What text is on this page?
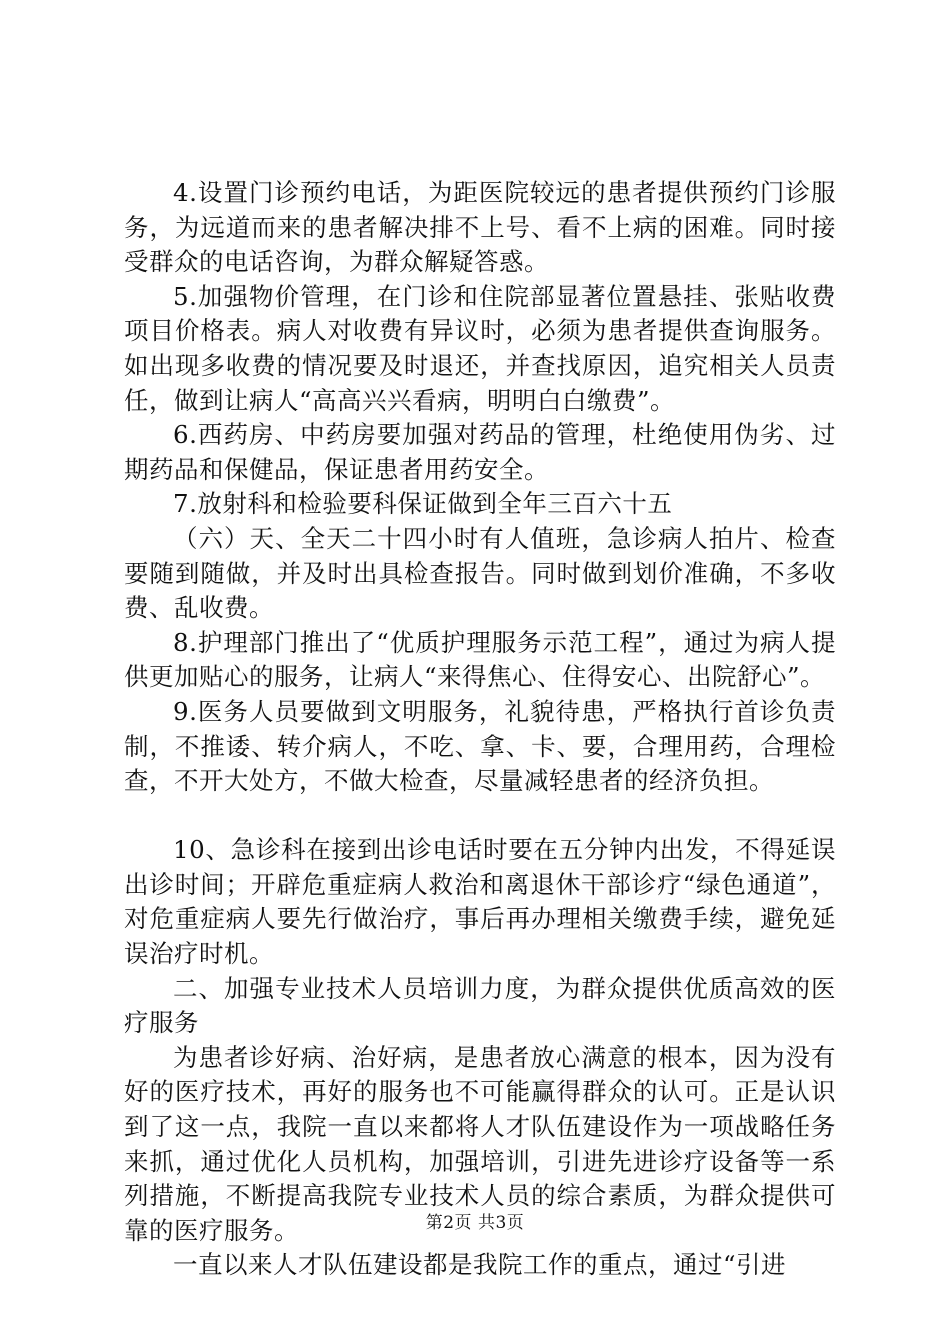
4.设置门诊预约电话，为距医院较远的患者提供预约门诊服务，为远道而来的患者解决排不上号、看不上病的困难。同时接受群众的电话咨询，为群众解疑答惑。

5.加强物价管理，在门诊和住院部显著位置悬挂、张贴收费项目价格表。病人对收费有异议时，必须为患者提供查询服务。如出现多收费的情况要及时退还，并查找原因，追究相关人员责任，做到让病人“高高兴兴看病，明明白白缴费”。

6.西药房、中药房要加强对药品的管理，杜绝使用伪劣、过期药品和保健品，保证患者用药安全。

7.放射科和检验要科保证做到全年三百六十五

（六）天、全天二十四小时有人值班，急诊病人拍片、检查要随到随做，并及时出具检查报告。同时做到划价准确，不多收费、乱收费。

8.护理部门推出了“优质护理服务示范工程”，通过为病人提供更加贴心的服务，让病人“来得焦心、住得安心、出院舒心”。

9.医务人员要做到文明服务，礼貌待患，严格执行首诊负责制，不推诿、转介病人，不吃、拿、卡、要，合理用药，合理检查，不开大处方，不做大检查，尽量减轻患者的经济负担。

10、急诊科在接到出诊电话时要在五分钟内出发，不得延误出诊时间；开辟危重症病人救治和离退休干部诊疗“绿色通道”，对危重症病人要先行做治疗，事后再办理相关缴费手续，避免延误治疗时机。

二、加强专业技术人员培训力度，为群众提供优质高效的医疗服务

为患者诊好病、治好病，是患者放心满意的根本，因为没有好的医疗技术，再好的服务也不可能赢得群众的认可。正是认识到了这一点，我院一直以来都将人才队伍建设作为一项战略任务来抓，通过优化人员机构，加强培训，引进先进诊疗设备等一系列措施，不断提高我院专业技术人员的综合素质，为群众提供可靠的医疗服务。

一直以来人才队伍建设都是我院工作的重点，通过“引进

第2页 共3页
